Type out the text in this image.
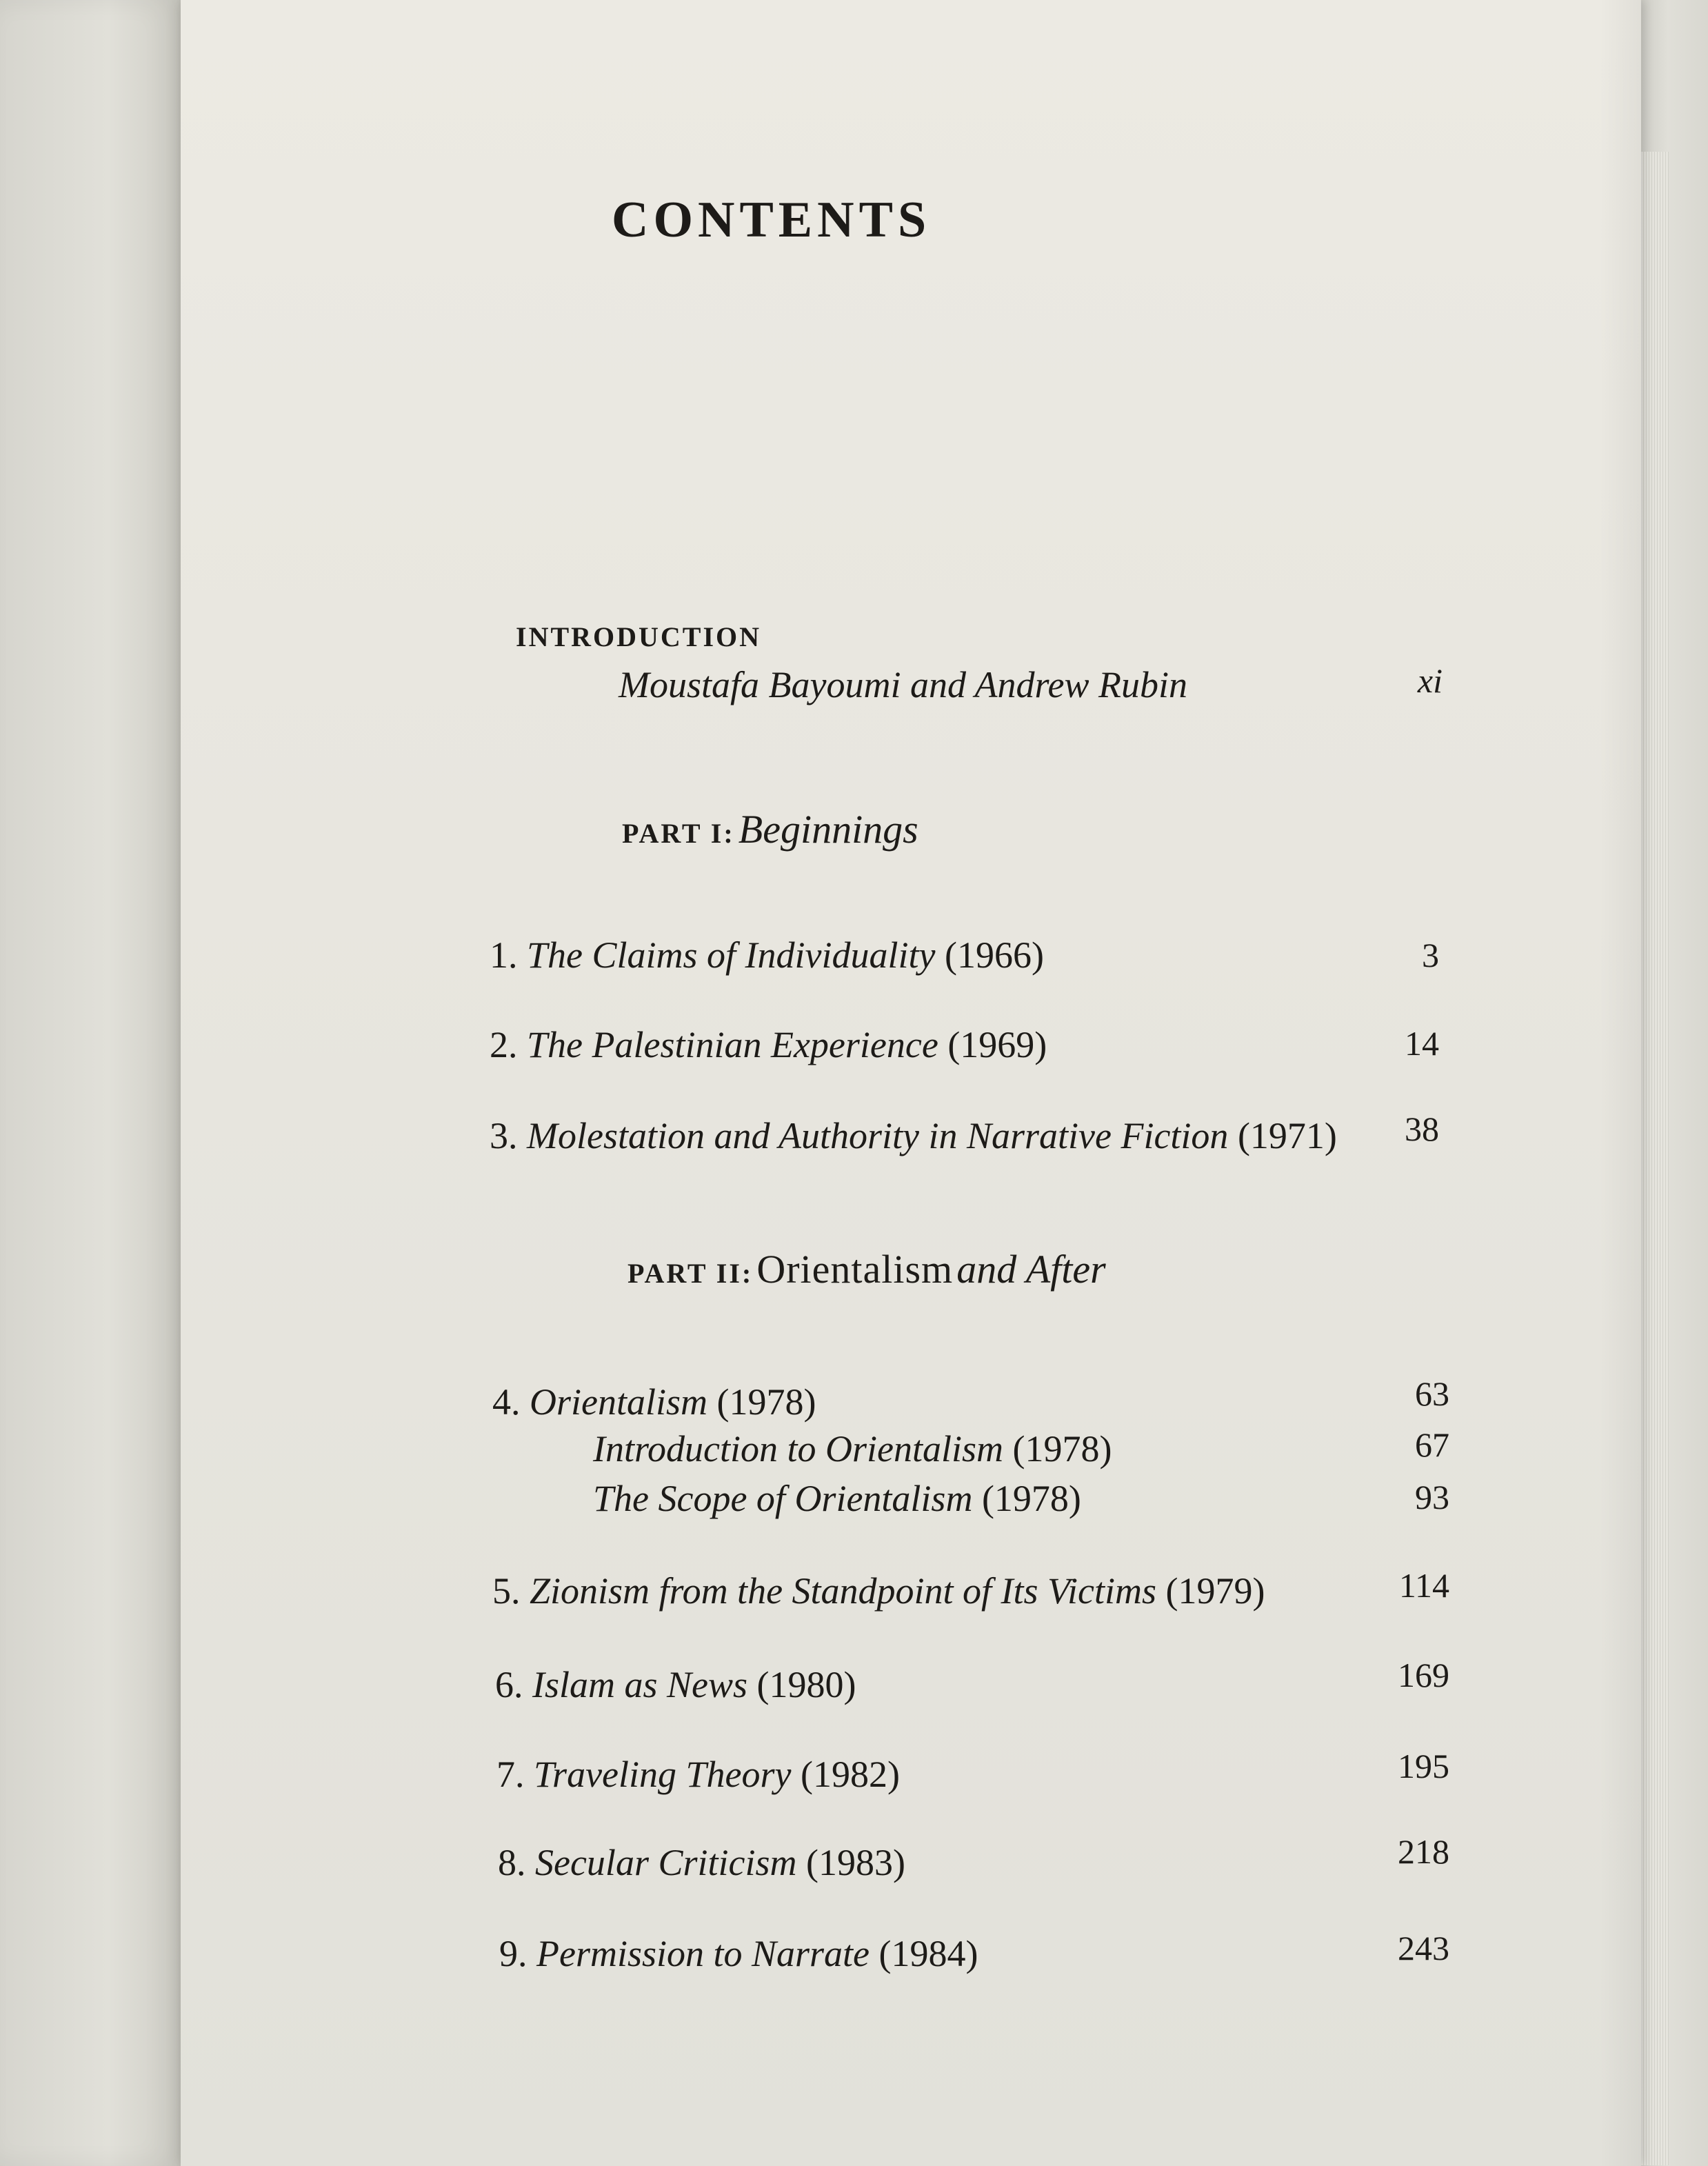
CONTENTS
INTRODUCTION
Moustafa Bayoumi and Andrew Rubin	xi
PART I: Beginnings
1. The Claims of Individuality (1966)	3
2. The Palestinian Experience (1969)	14
3. Molestation and Authority in Narrative Fiction (1971)	38
PART II: Orientalism and After
4. Orientalism (1978)	63
Introduction to Orientalism (1978)	67
The Scope of Orientalism (1978)	93
5. Zionism from the Standpoint of Its Victims (1979)	114
6. Islam as News (1980)	169
7. Traveling Theory (1982)	195
8. Secular Criticism (1983)	218
9. Permission to Narrate (1984)	243
